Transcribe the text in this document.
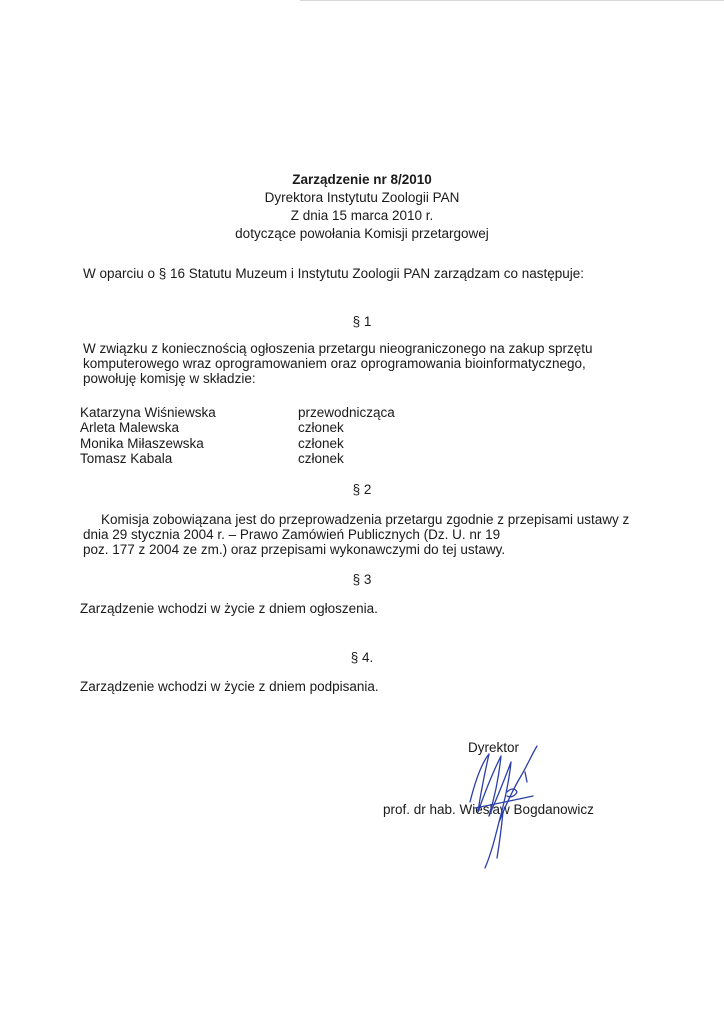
Zarządzenie nr 8/2010
Dyrektora Instytutu Zoologii PAN
Z dnia 15 marca 2010 r.
dotyczące powołania Komisji przetargowej
W oparciu o § 16 Statutu Muzeum i Instytutu Zoologii PAN zarządzam co następuje:
§ 1
W związku z koniecznością ogłoszenia przetargu nieograniczonego na zakup sprzętu
komputerowego wraz oprogramowaniem oraz oprogramowania bioinformatycznego,
powołuję komisję w składzie:
Katarzyna Wiśniewska	przewodnicząca
Arleta Malewska	członek
Monika Miłaszewska	członek
Tomasz Kabala	członek
§ 2
Komisja zobowiązana jest do przeprowadzenia przetargu zgodnie z przepisami ustawy z
dnia 29 stycznia 2004 r. – Prawo Zamówień Publicznych (Dz. U. nr 19
poz. 177 z 2004 ze zm.) oraz przepisami wykonawczymi do tej ustawy.
§ 3
Zarządzenie wchodzi w życie z dniem ogłoszenia.
§ 4.
Zarządzenie wchodzi w życie z dniem podpisania.
Dyrektor
prof. dr hab. Wiesław Bogdanowicz
